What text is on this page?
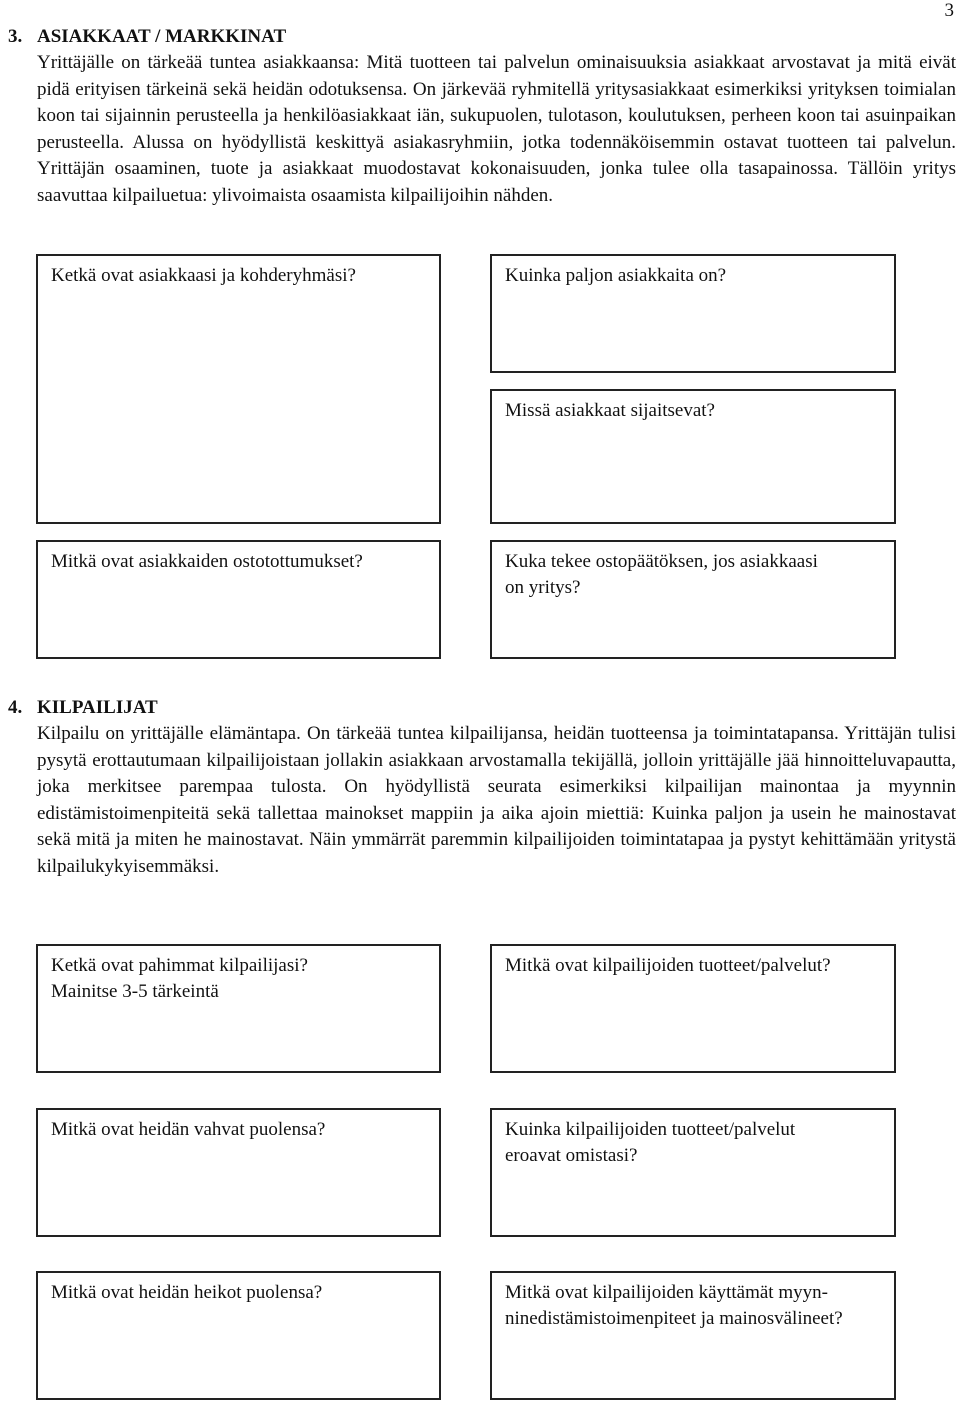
3
3. ASIAKKAAT / MARKKINAT

Yrittäjälle on tärkeää tuntea asiakkaansa: Mitä tuotteen tai palvelun ominaisuuksia asiakkaat arvostavat ja mitä eivät pidä erityisen tärkeinä sekä heidän odotuksensa. On järkevää ryhmitellä yritysasiakkaat esimerkiksi yrityksen toimialan koon tai sijainnin perusteella ja henkilöasiakkaat iän, sukupuolen, tulotason, koulutuksen, perheen koon tai asuinpaikan perusteella. Alussa on hyödyllistä keskittyä asiakasryhmiin, jotka todennäköisemmin ostavat tuotteen tai palvelun. Yrittäjän osaaminen, tuote ja asiakkaat muodostavat kokonaisuuden, jonka tulee olla tasapainossa. Tällöin yritys saavuttaa kilpailuetua: ylivoimaista osaamista kilpailijoihin nähden.

Ketkä ovat asiakkaasi ja kohderyhmäsi?	Kuinka paljon asiakkaita on?
Missä asiakkaat sijaitsevat?
Mitkä ovat asiakkaiden ostotottumukset?	Kuka tekee ostopäätöksen, jos asiakkaasi
on yritys?
4. KILPAILIJAT

Kilpailu on yrittäjälle elämäntapa. On tärkeää tuntea kilpailijansa, heidän tuotteensa ja toimintatapansa. Yrittäjän tulisi pysytä erottautumaan kilpailijoistaan jollakin asiakkaan arvostamalla tekijällä, jolloin yrittäjälle jää hinnoitteluvapautta, joka merkitsee parempaa tulosta. On hyödyllistä seurata esimerkiksi kilpailijan mainontaa ja myynnin edistämistoimenpiteitä sekä tallettaa mainokset mappiin ja aika ajoin miettiä: Kuinka paljon ja usein he mainostavat sekä mitä ja miten he mainostavat. Näin ymmärrät paremmin kilpailijoiden toimintatapaa ja pystyt kehittämään yritystä kilpailukykyisemmäksi.

Ketkä ovat pahimmat kilpailijasi?
Mainitse 3-5 tärkeintä
Mitkä ovat kilpailijoiden tuotteet/palvelut?
Mitkä ovat heidän vahvat puolensa?	Kuinka kilpailijoiden tuotteet/palvelut
eroavat omistasi?
Mitkä ovat heidän heikot puolensa?	Mitkä ovat kilpailijoiden käyttämät myyn-
ninedistämistoimenpiteet ja mainosvälineet?
